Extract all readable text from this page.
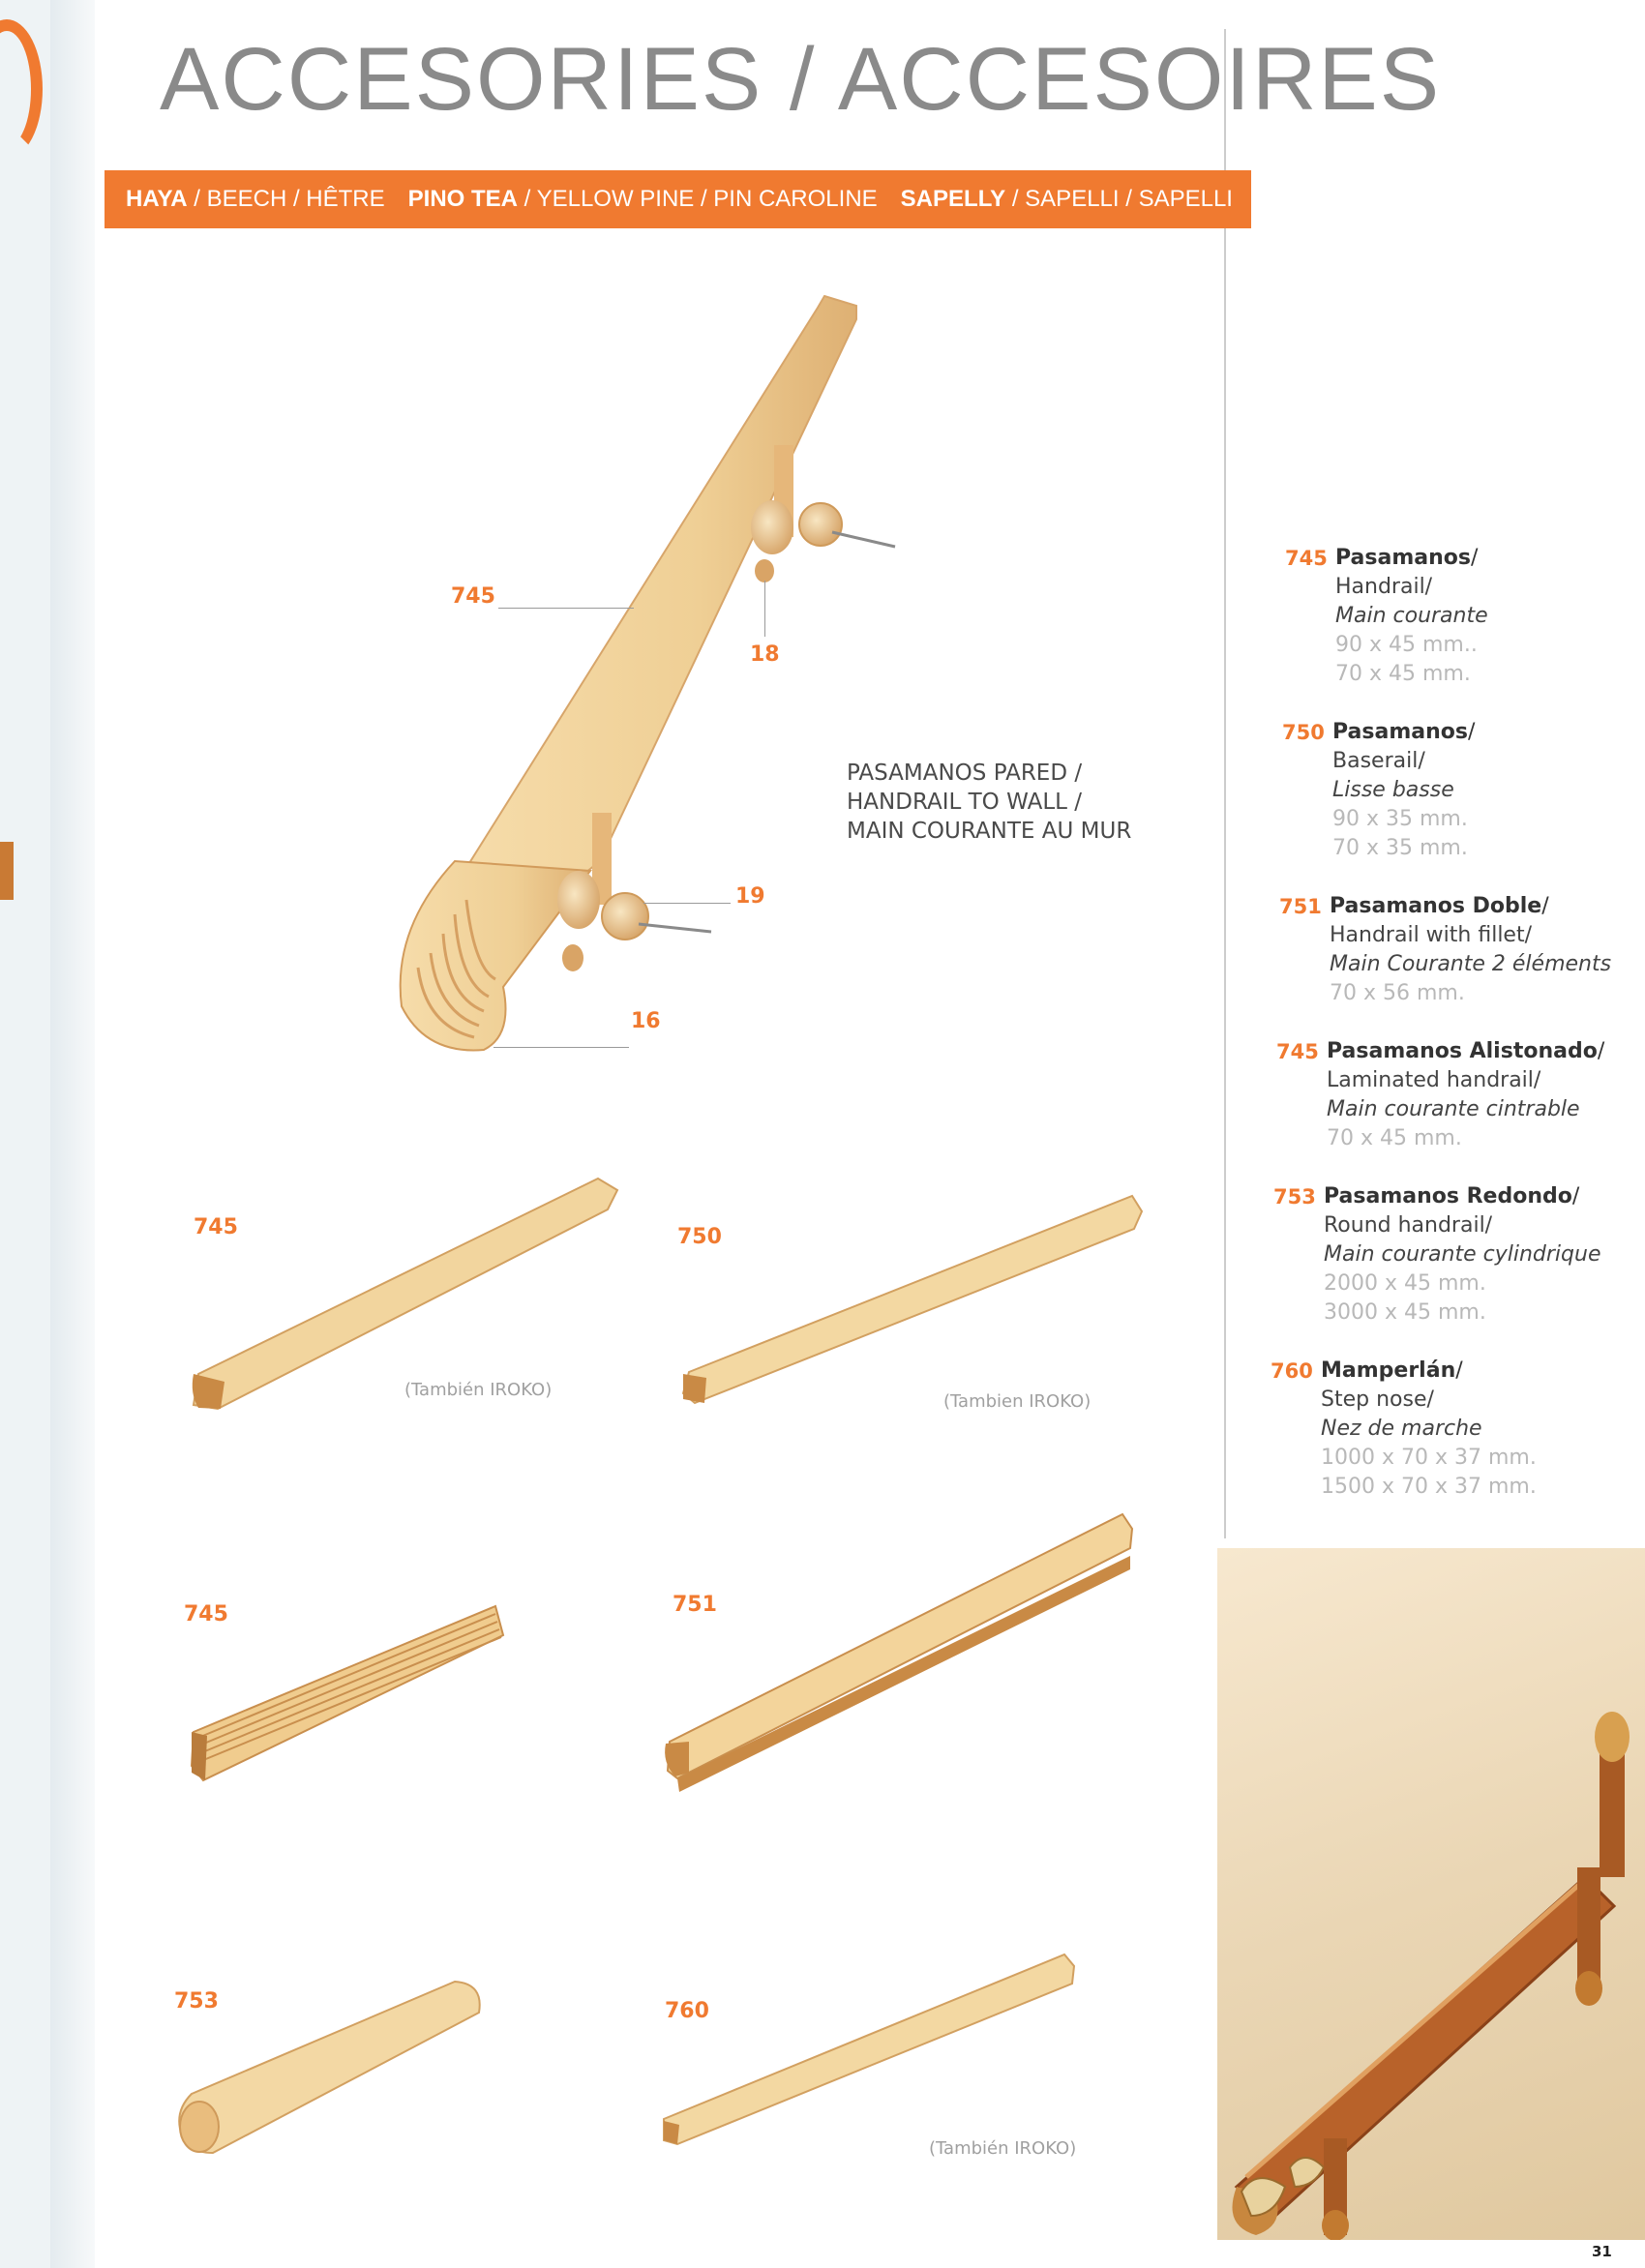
ACCESORIES / ACCESOIRES
HAYA / BEECH / HÊTRE PINO TEA / YELLOW PINE / PIN CAROLINE SAPELLY / SAPELLI / SAPELLI ROBLE / OAK / CHÊNE
745
18
19
16
PASAMANOS PARED /
HANDRAIL TO WALL /
MAIN COURANTE AU MUR
745	750
745	751
753	760
(También IROKO)
(Tambien IROKO)
(También IROKO)
745 Pasamanos/
Handrail/
Main courante
90 x 45 mm..
70 x 45 mm.
750 Pasamanos/
Baserail/
Lisse basse
90 x 35 mm.
70 x 35 mm.
751 Pasamanos Doble/
Handrail with fillet/
Main Courante 2 éléments
70 x 56 mm.
745 Pasamanos Alistonado/
Laminated handrail/
Main courante cintrable
70 x 45 mm.
753 Pasamanos Redondo/
Round handrail/
Main courante cylindrique
2000 x 45 mm.
3000 x 45 mm.
760 Mamperlán/
Step nose/
Nez de marche
1000 x 70 x 37 mm.
1500 x 70 x 37 mm.
31
